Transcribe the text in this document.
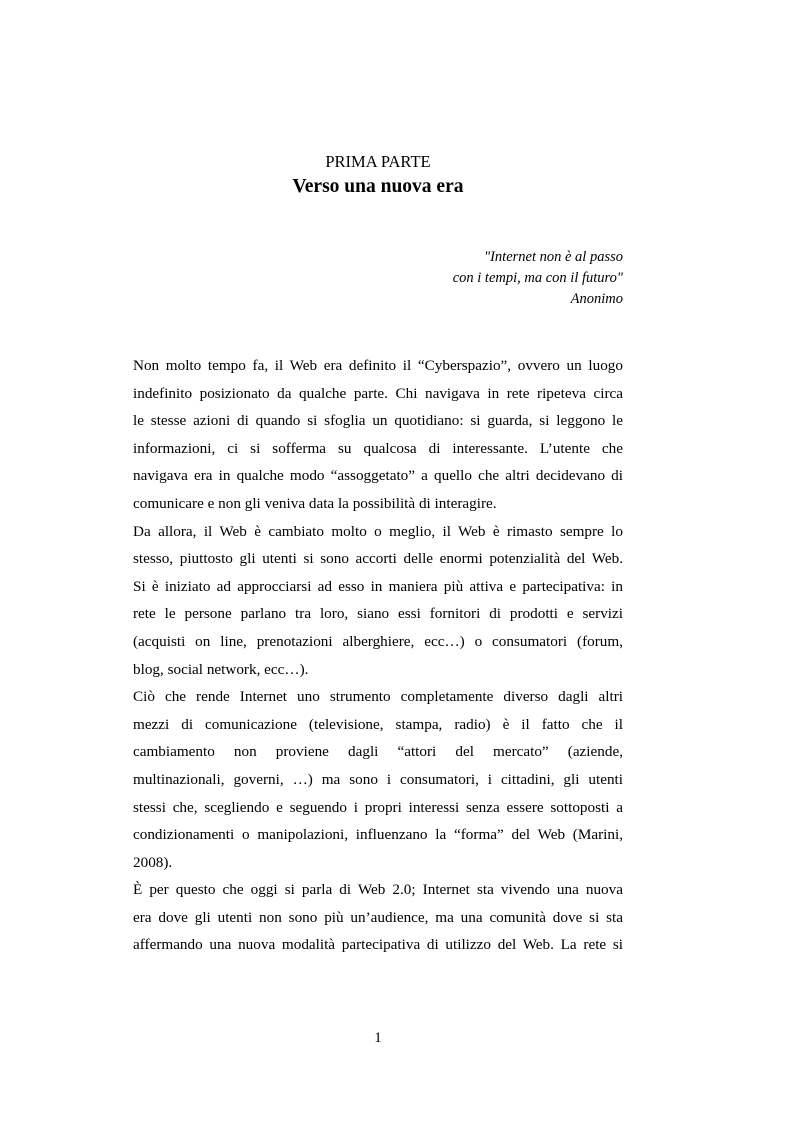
PRIMA PARTE
Verso una nuova era
"Internet non è al passo
con i tempi, ma con il futuro"
Anonimo
Non molto tempo fa, il Web era definito il “Cyberspazio”, ovvero un luogo
indefinito posizionato da qualche parte. Chi navigava in rete ripeteva circa
le stesse azioni di quando si sfoglia un quotidiano: si guarda, si leggono le
informazioni, ci si sofferma su qualcosa di interessante. L’utente che
navigava era in qualche modo “assoggetato” a quello che altri decidevano di
comunicare e non gli veniva data la possibilità di interagire.
Da allora, il Web è cambiato molto o meglio, il Web è rimasto sempre lo
stesso, piuttosto gli utenti si sono accorti delle enormi potenzialità del Web.
Si è iniziato ad approcciarsi ad esso in maniera più attiva e partecipativa: in
rete le persone parlano tra loro, siano essi fornitori di prodotti e servizi
(acquisti on line, prenotazioni alberghiere, ecc…) o consumatori (forum,
blog, social network, ecc…).
Ciò che rende Internet uno strumento completamente diverso dagli altri
mezzi di comunicazione (televisione, stampa, radio) è il fatto che il
cambiamento non proviene dagli “attori del mercato” (aziende,
multinazionali, governi, …) ma sono i consumatori, i cittadini, gli utenti
stessi che, scegliendo e seguendo i propri interessi senza essere sottoposti a
condizionamenti o manipolazioni, influenzano la “forma” del Web (Marini,
2008).
È per questo che oggi si parla di Web 2.0; Internet sta vivendo una nuova
era dove gli utenti non sono più un’audience, ma una comunità dove si sta
affermando una nuova modalità partecipativa di utilizzo del Web. La rete si
1
